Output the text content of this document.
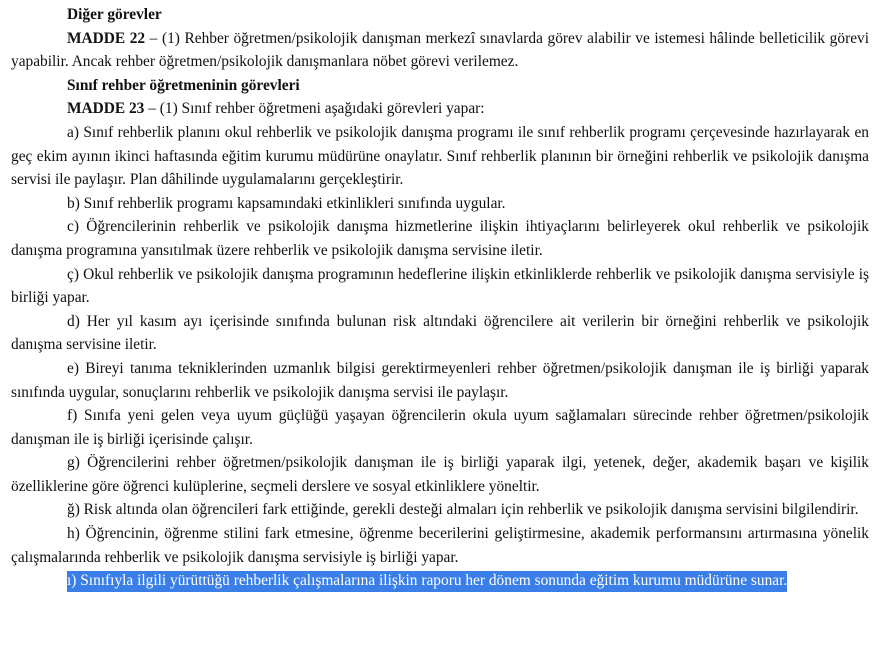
Diğer görevler

MADDE 22 – (1) Rehber öğretmen/psikolojik danışman merkezî sınavlarda görev alabilir ve istemesi hâlinde belleticilik görevi yapabilir. Ancak rehber öğretmen/psikolojik danışmanlara nöbet görevi verilemez.

Sınıf rehber öğretmeninin görevleri

MADDE 23 – (1) Sınıf rehber öğretmeni aşağıdaki görevleri yapar:

a) Sınıf rehberlik planını okul rehberlik ve psikolojik danışma programı ile sınıf rehberlik programı çerçevesinde hazırlayarak en geç ekim ayının ikinci haftasında eğitim kurumu müdürüne onaylatır. Sınıf rehberlik planının bir örneğini rehberlik ve psikolojik danışma servisi ile paylaşır. Plan dâhilinde uygulamalarını gerçekleştirir.

b) Sınıf rehberlik programı kapsamındaki etkinlikleri sınıfında uygular.

c) Öğrencilerinin rehberlik ve psikolojik danışma hizmetlerine ilişkin ihtiyaçlarını belirleyerek okul rehberlik ve psikolojik danışma programına yansıtılmak üzere rehberlik ve psikolojik danışma servisine iletir.

ç) Okul rehberlik ve psikolojik danışma programının hedeflerine ilişkin etkinliklerde rehberlik ve psikolojik danışma servisiyle iş birliği yapar.

d) Her yıl kasım ayı içerisinde sınıfında bulunan risk altındaki öğrencilere ait verilerin bir örneğini rehberlik ve psikolojik danışma servisine iletir.

e) Bireyi tanıma tekniklerinden uzmanlık bilgisi gerektirmeyenleri rehber öğretmen/psikolojik danışman ile iş birliği yaparak sınıfında uygular, sonuçlarını rehberlik ve psikolojik danışma servisi ile paylaşır.

f) Sınıfa yeni gelen veya uyum güçlüğü yaşayan öğrencilerin okula uyum sağlamaları sürecinde rehber öğretmen/psikolojik danışman ile iş birliği içerisinde çalışır.

g) Öğrencilerini rehber öğretmen/psikolojik danışman ile iş birliği yaparak ilgi, yetenek, değer, akademik başarı ve kişilik özelliklerine göre öğrenci kulüplerine, seçmeli derslere ve sosyal etkinliklere yöneltir.

ğ) Risk altında olan öğrencileri fark ettiğinde, gerekli desteği almaları için rehberlik ve psikolojik danışma servisini bilgilendirir.

h) Öğrencinin, öğrenme stilini fark etmesine, öğrenme becerilerini geliştirmesine, akademik performansını artırmasına yönelik çalışmalarında rehberlik ve psikolojik danışma servisiyle iş birliği yapar.

ı) Sınıfıyla ilgili yürüttüğü rehberlik çalışmalarına ilişkin raporu her dönem sonunda eğitim kurumu müdürüne sunar.
